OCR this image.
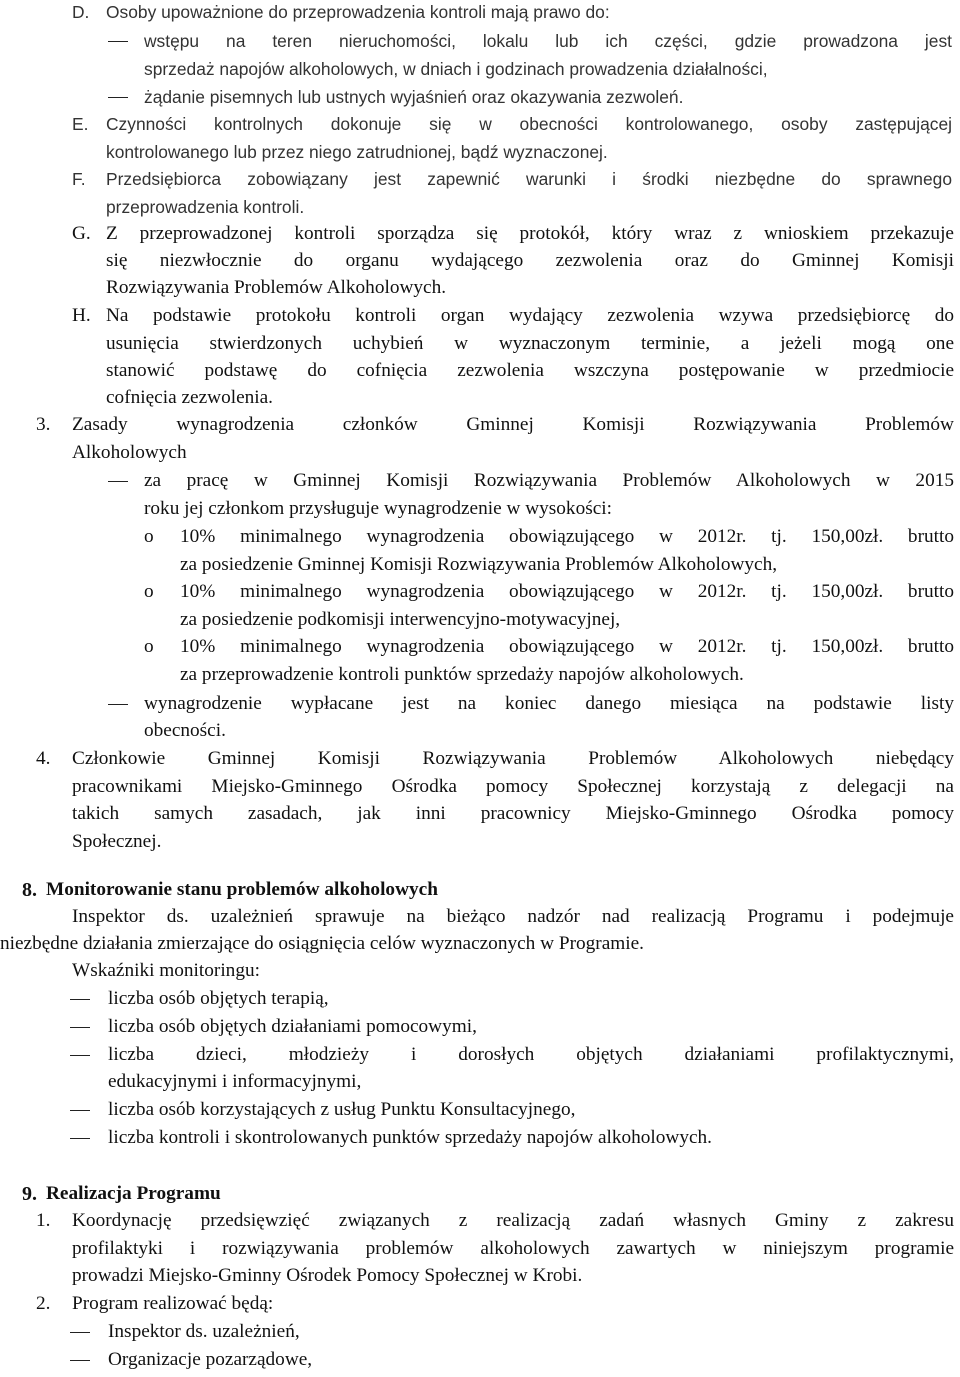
D. Osoby upoważnione do przeprowadzenia kontroli mają prawo do:
wstępu na teren nieruchomości, lokalu lub ich części, gdzie prowadzona jest
sprzedaż napojów alkoholowych, w dniach i godzinach prowadzenia działalności,
żądanie pisemnych lub ustnych wyjaśnień oraz okazywania zezwoleń.
E. Czynności kontrolnych dokonuje się w obecności kontrolowanego, osoby zastępującej
kontrolowanego lub przez niego zatrudnionej, bądź wyznaczonej.
F. Przedsiębiorca zobowiązany jest zapewnić warunki i środki niezbędne do sprawnego
przeprowadzenia kontroli.
G. Z przeprowadzonej kontroli sporządza się protokół, który wraz z wnioskiem przekazuje
się niezwłocznie do organu wydającego zezwolenia oraz do Gminnej Komisji
Rozwiązywania Problemów Alkoholowych.
H. Na podstawie protokołu kontroli organ wydający zezwolenia wzywa przedsiębiorcę do
usunięcia stwierdzonych uchybień w wyznaczonym terminie, a jeżeli mogą one
stanowić podstawę do cofnięcia zezwolenia wszczyna postępowanie w przedmiocie
cofnięcia zezwolenia.
3. Zasady wynagrodzenia członków Gminnej Komisji Rozwiązywania Problemów
Alkoholowych
za pracę w Gminnej Komisji Rozwiązywania Problemów Alkoholowych w 2015
roku jej członkom przysługuje wynagrodzenie w wysokości:
o 10% minimalnego wynagrodzenia obowiązującego w 2012r. tj. 150,00zł. brutto
za posiedzenie Gminnej Komisji Rozwiązywania Problemów Alkoholowych,
o 10% minimalnego wynagrodzenia obowiązującego w 2012r. tj. 150,00zł. brutto
za posiedzenie podkomisji interwencyjno-motywacyjnej,
o 10% minimalnego wynagrodzenia obowiązującego w 2012r. tj. 150,00zł. brutto
za przeprowadzenie kontroli punktów sprzedaży napojów alkoholowych.
wynagrodzenie wypłacane jest na koniec danego miesiąca na podstawie listy
obecności.
4. Członkowie Gminnej Komisji Rozwiązywania Problemów Alkoholowych niebędący
pracownikami Miejsko-Gminnego Ośrodka pomocy Społecznej korzystają z delegacji na
takich samych zasadach, jak inni pracownicy Miejsko-Gminnego Ośrodka pomocy
Społecznej.
8. Monitorowanie stanu problemów alkoholowych
Inspektor ds. uzależnień sprawuje na bieżąco nadzór nad realizacją Programu i podejmuje
niezbędne działania zmierzające do osiągnięcia celów wyznaczonych w Programie.
Wskaźniki monitoringu:
liczba osób objętych terapią,
liczba osób objętych działaniami pomocowymi,
liczba dzieci, młodzieży i dorosłych objętych działaniami profilaktycznymi,
edukacyjnymi i informacyjnymi,
liczba osób korzystających z usług Punktu Konsultacyjnego,
liczba kontroli i skontrolowanych punktów sprzedaży napojów alkoholowych.
9. Realizacja Programu
1. Koordynację przedsięwzięć związanych z realizacją zadań własnych Gminy z zakresu
profilaktyki i rozwiązywania problemów alkoholowych zawartych w niniejszym programie
prowadzi Miejsko-Gminny Ośrodek Pomocy Społecznej w Krobi.
2. Program realizować będą:
Inspektor ds. uzależnień,
Organizacje pozarządowe,
